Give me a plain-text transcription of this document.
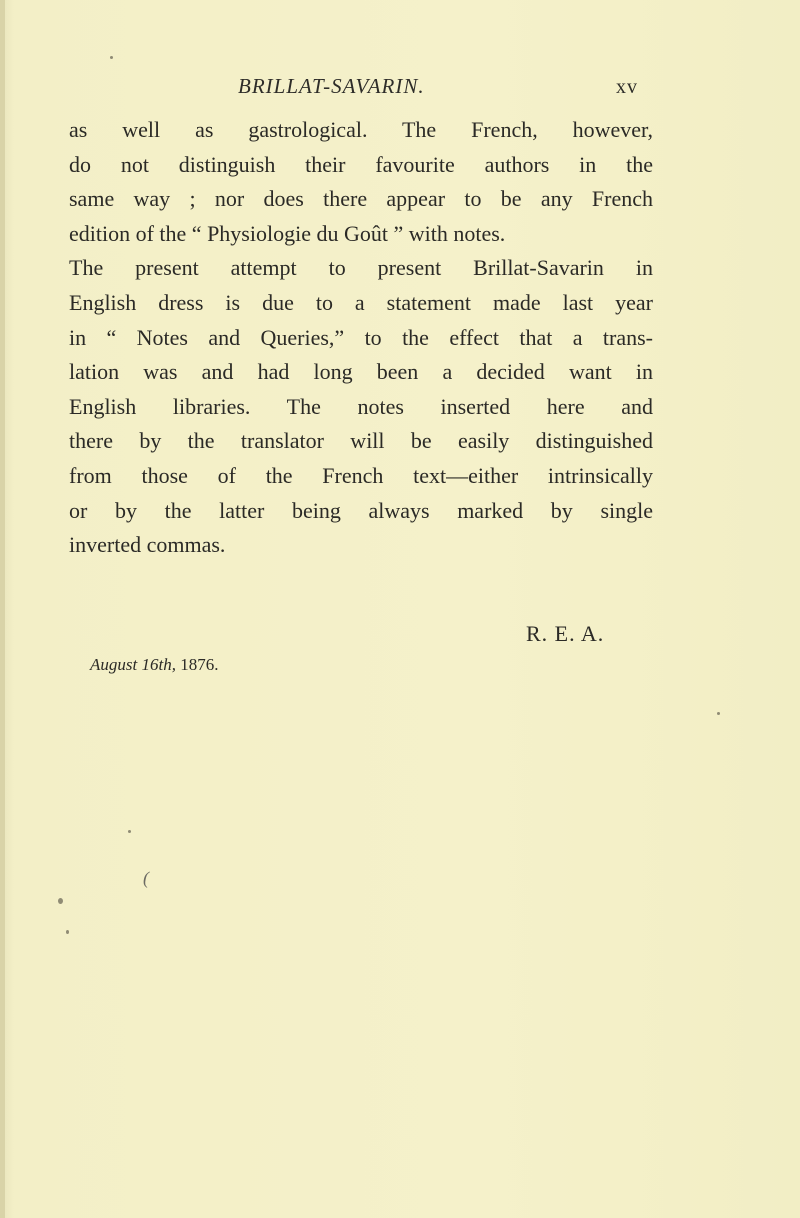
BRILLAT-SAVARIN.	xv
as well as gastrological. The French, however,
do not distinguish their favourite authors in the
same way ; nor does there appear to be any French
edition of the “ Physiologie du Goût ” with notes.
The present attempt to present Brillat-Savarin in
English dress is due to a statement made last year
in “ Notes and Queries,” to the effect that a trans-
lation was and had long been a decided want in
English libraries. The notes inserted here and
there by the translator will be easily distinguished
from those of the French text—either intrinsically
or by the latter being always marked by single
inverted commas.
R. E. A.
August 16th, 1876.
(
